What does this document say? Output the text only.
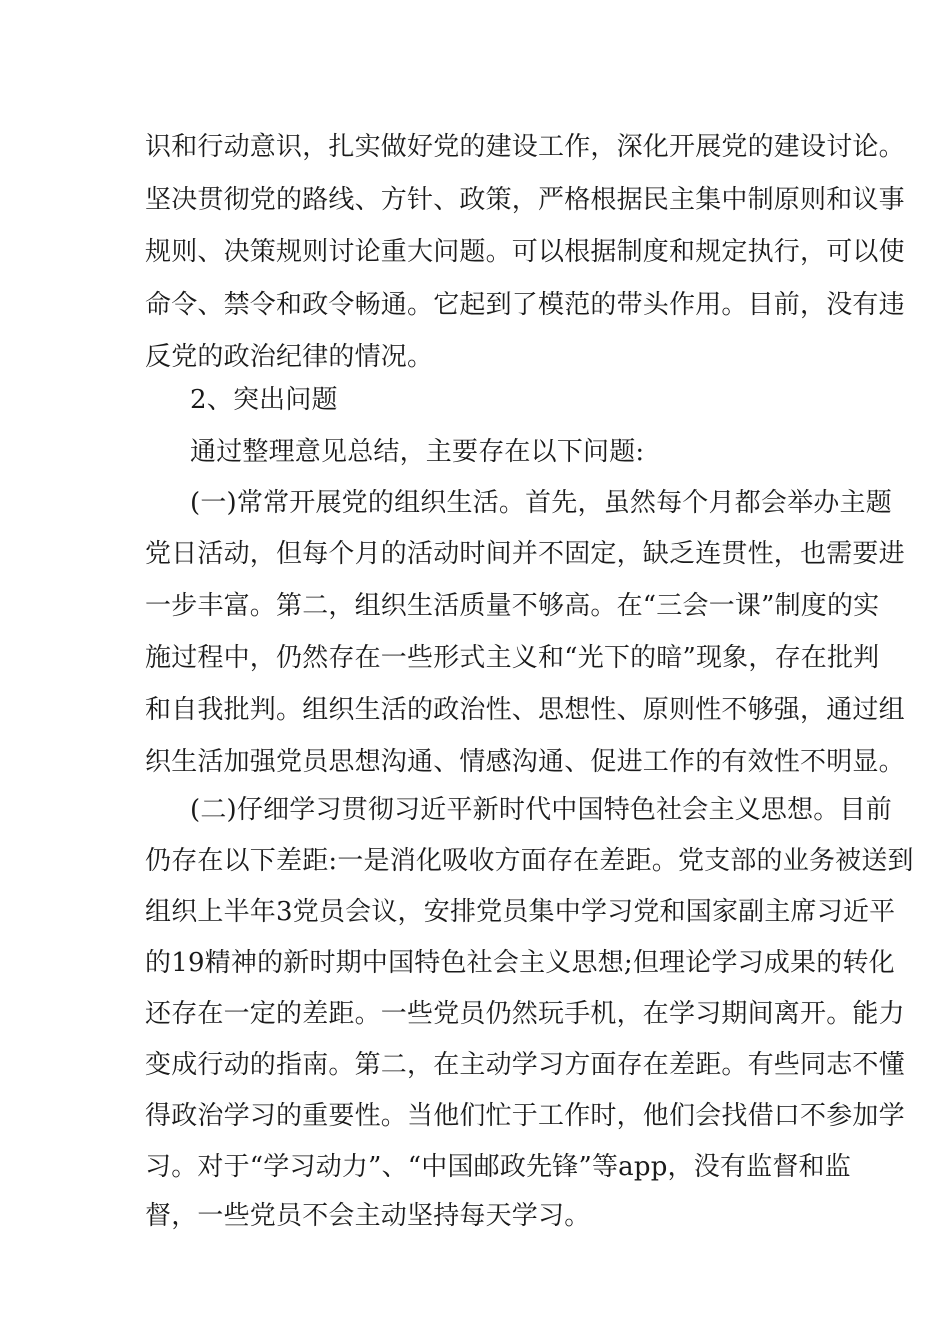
识和行动意识，扎实做好党的建设工作，深化开展党的建设讨论。
坚决贯彻党的路线、方针、政策，严格根据民主集中制原则和议事
规则、决策规则讨论重大问题。可以根据制度和规定执行，可以使
命令、禁令和政令畅通。它起到了模范的带头作用。目前，没有违
反党的政治纪律的情况。
2、突出问题
通过整理意见总结，主要存在以下问题:
(一)常常开展党的组织生活。首先，虽然每个月都会举办主题
党日活动，但每个月的活动时间并不固定，缺乏连贯性，也需要进
一步丰富。第二，组织生活质量不够高。在“三会一课”制度的实
施过程中，仍然存在一些形式主义和“光下的暗”现象，存在批判
和自我批判。组织生活的政治性、思想性、原则性不够强，通过组
织生活加强党员思想沟通、情感沟通、促进工作的有效性不明显。
(二)仔细学习贯彻习近平新时代中国特色社会主义思想。目前
仍存在以下差距:一是消化吸收方面存在差距。党支部的业务被送到
组织上半年3党员会议，安排党员集中学习党和国家副主席习近平
的19精神的新时期中国特色社会主义思想;但理论学习成果的转化
还存在一定的差距。一些党员仍然玩手机，在学习期间离开。能力
变成行动的指南。第二，在主动学习方面存在差距。有些同志不懂
得政治学习的重要性。当他们忙于工作时，他们会找借口不参加学
习。对于“学习动力”、“中国邮政先锋”等app，没有监督和监
督，一些党员不会主动坚持每天学习。
